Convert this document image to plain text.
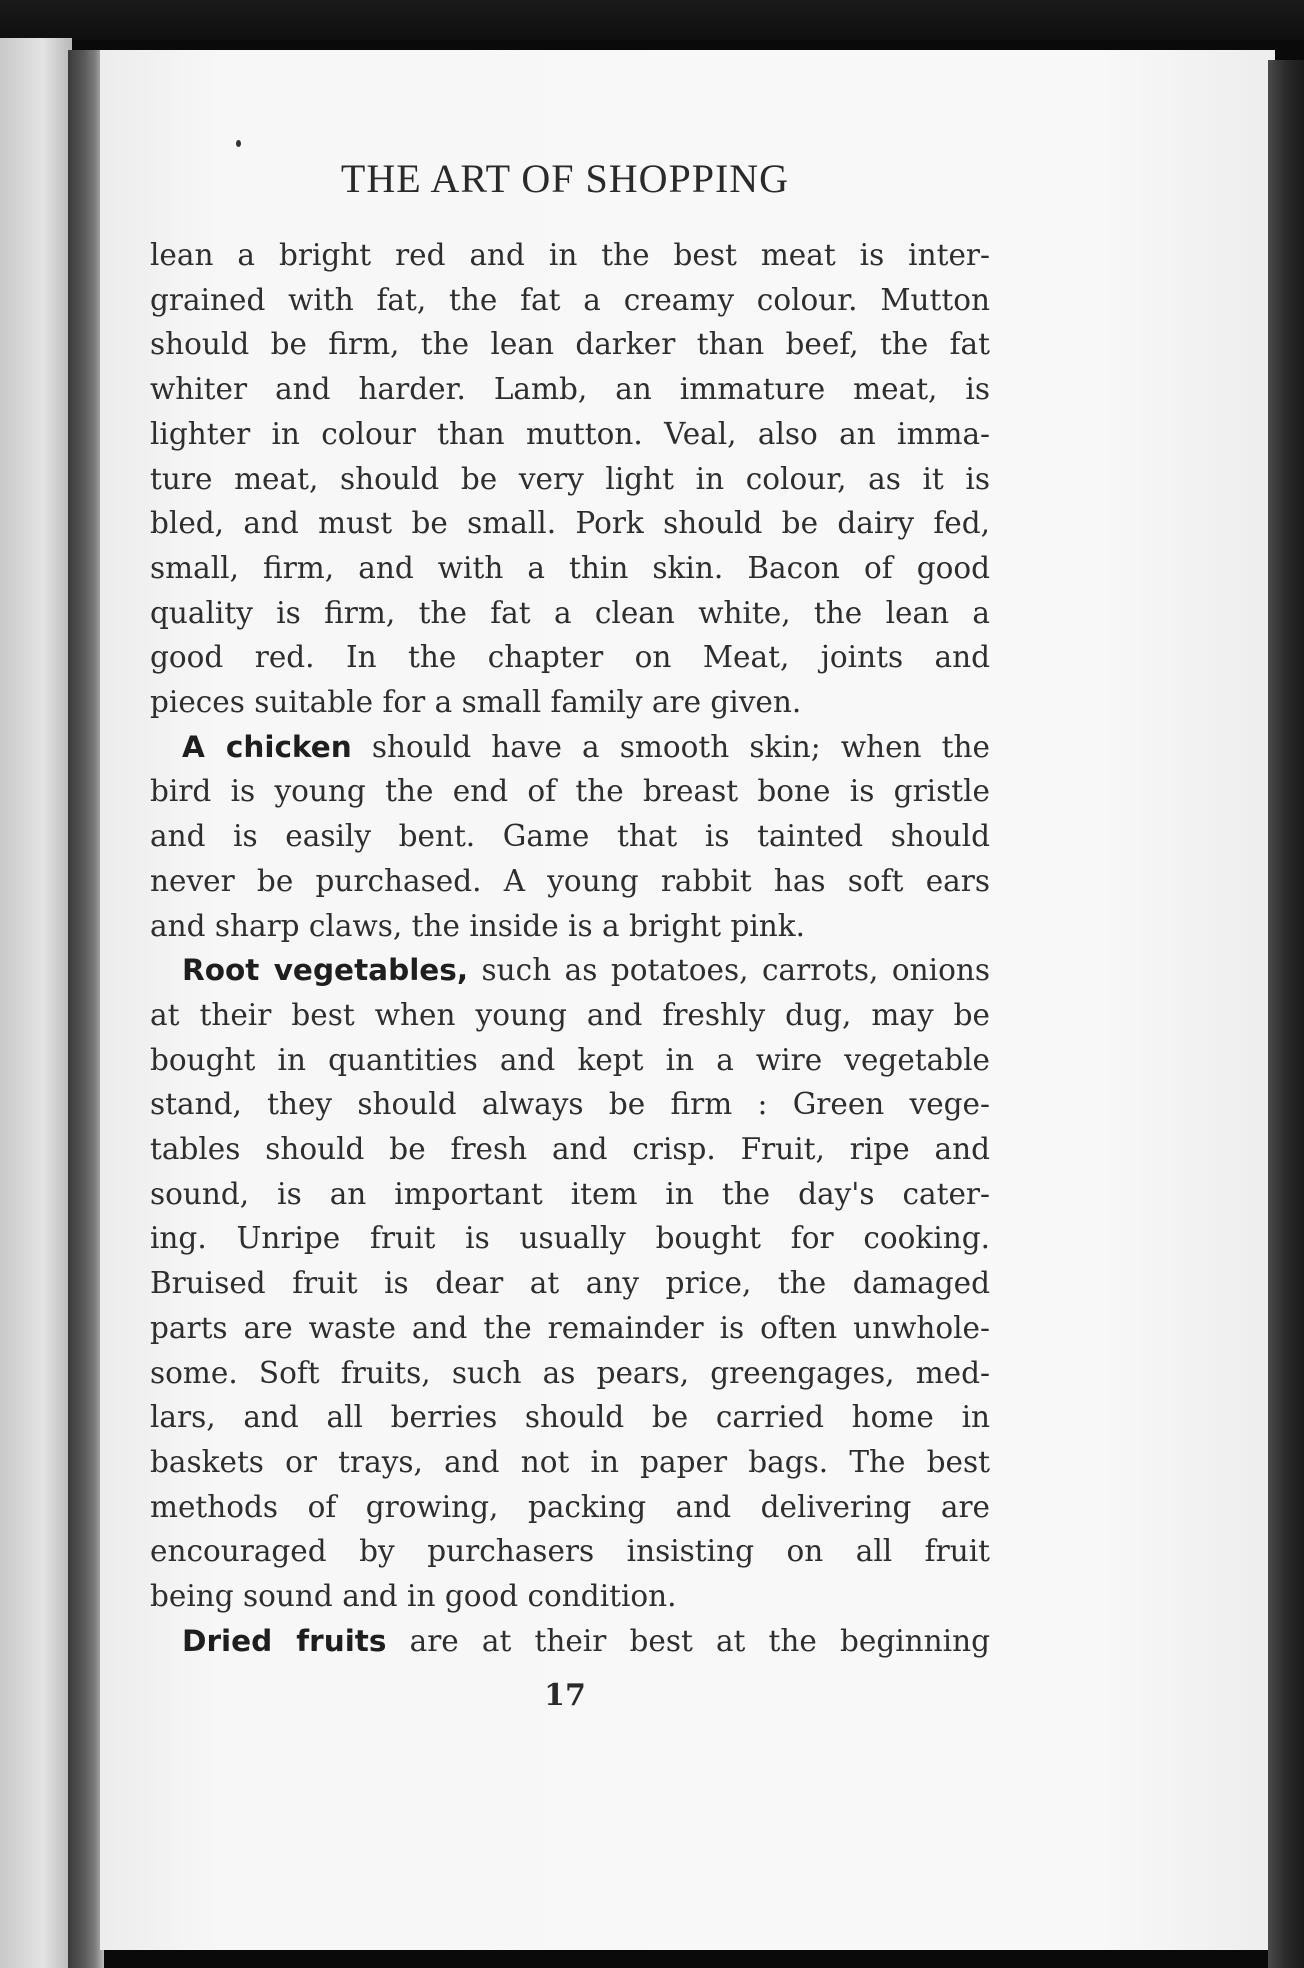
THE ART OF SHOPPING
lean a bright red and in the best meat is inter-
grained with fat, the fat a creamy colour. Mutton
should be firm, the lean darker than beef, the fat
whiter and harder. Lamb, an immature meat, is
lighter in colour than mutton. Veal, also an imma-
ture meat, should be very light in colour, as it is
bled, and must be small. Pork should be dairy fed,
small, firm, and with a thin skin. Bacon of good
quality is firm, the fat a clean white, the lean a
good red. In the chapter on Meat, joints and
pieces suitable for a small family are given.
A chicken should have a smooth skin; when the
bird is young the end of the breast bone is gristle
and is easily bent. Game that is tainted should
never be purchased. A young rabbit has soft ears
and sharp claws, the inside is a bright pink.
Root vegetables, such as potatoes, carrots, onions
at their best when young and freshly dug, may be
bought in quantities and kept in a wire vegetable
stand, they should always be firm : Green vege-
tables should be fresh and crisp. Fruit, ripe and
sound, is an important item in the day's cater-
ing. Unripe fruit is usually bought for cooking.
Bruised fruit is dear at any price, the damaged
parts are waste and the remainder is often unwhole-
some. Soft fruits, such as pears, greengages, med-
lars, and all berries should be carried home in
baskets or trays, and not in paper bags. The best
methods of growing, packing and delivering are
encouraged by purchasers insisting on all fruit
being sound and in good condition.
Dried fruits are at their best at the beginning
17
